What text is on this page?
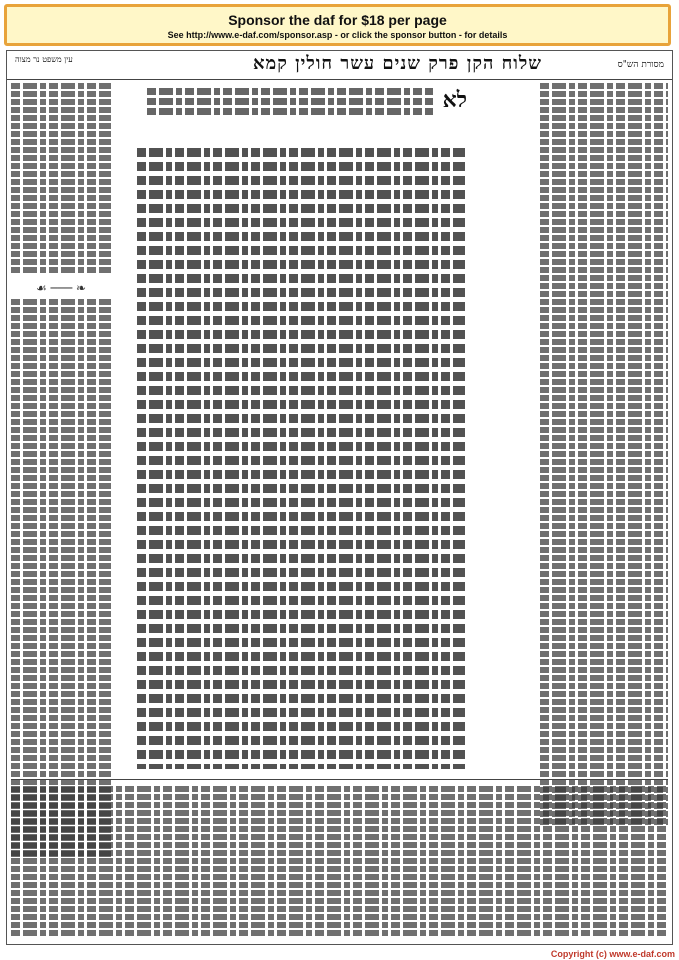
Sponsor the daf for $18 per page
See http://www.e-daf.com/sponsor.asp - or click the sponsor button - for details
מסורת הש"ס
שלוח הקן פרק שנים עשר חולין קמא
עין משפט נר מצוה
❧ ─── ☙
לא
Copyright (c) www.e-daf.com
